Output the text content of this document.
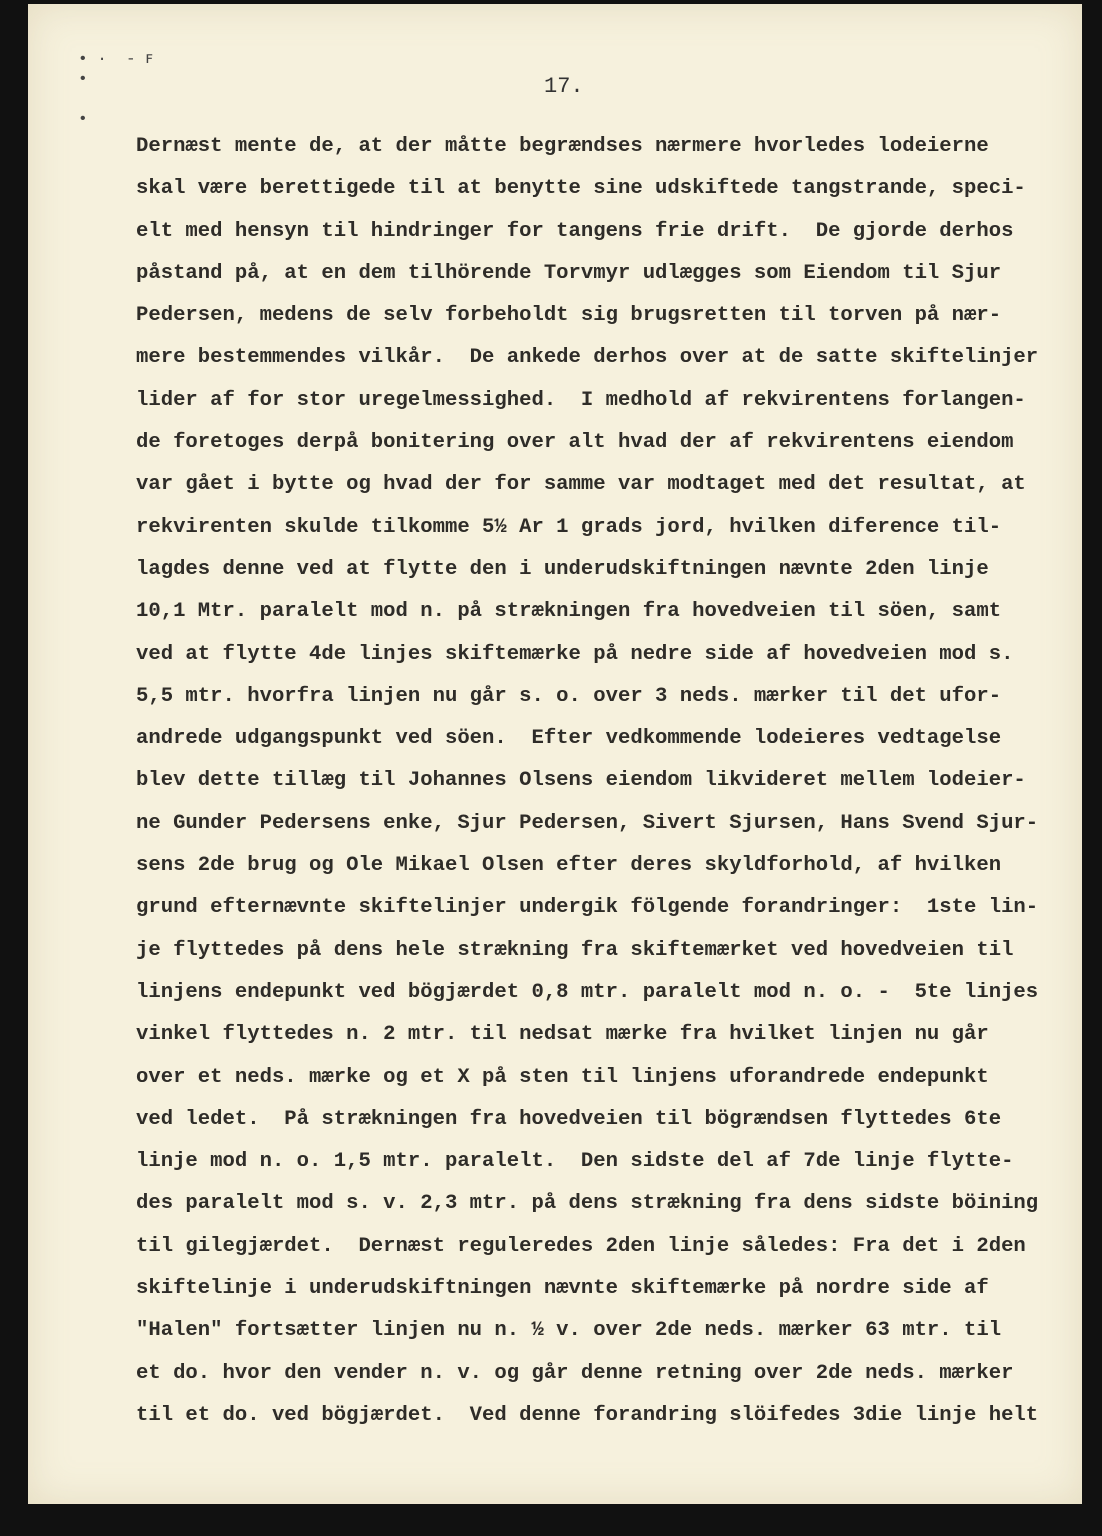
• ·  - ꜰ
•

•
17.
Dernæst mente de, at der måtte begrændses nærmere hvorledes lodeierne
skal være berettigede til at benytte sine udskiftede tangstrande, speci-
elt med hensyn til hindringer for tangens frie drift.  De gjorde derhos
påstand på, at en dem tilhörende Torvmyr udlægges som Eiendom til Sjur
Pedersen, medens de selv forbeholdt sig brugsretten til torven på nær-
mere bestemmendes vilkår.  De ankede derhos over at de satte skiftelinjer
lider af for stor uregelmessighed.  I medhold af rekvirentens forlangen-
de foretoges derpå bonitering over alt hvad der af rekvirentens eiendom
var gået i bytte og hvad der for samme var modtaget med det resultat, at
rekvirenten skulde tilkomme 5½ Ar 1 grads jord, hvilken diference til-
lagdes denne ved at flytte den i underudskiftningen nævnte 2den linje
10,1 Mtr. paralelt mod n. på strækningen fra hovedveien til söen, samt
ved at flytte 4de linjes skiftemærke på nedre side af hovedveien mod s.
5,5 mtr. hvorfra linjen nu går s. o. over 3 neds. mærker til det ufor-
andrede udgangspunkt ved söen.  Efter vedkommende lodeieres vedtagelse
blev dette tillæg til Johannes Olsens eiendom likvideret mellem lodeier-
ne Gunder Pedersens enke, Sjur Pedersen, Sivert Sjursen, Hans Svend Sjur-
sens 2de brug og Ole Mikael Olsen efter deres skyldforhold, af hvilken
grund efternævnte skiftelinjer undergik fölgende forandringer:  1ste lin-
je flyttedes på dens hele strækning fra skiftemærket ved hovedveien til
linjens endepunkt ved bögjærdet 0,8 mtr. paralelt mod n. o. -  5te linjes
vinkel flyttedes n. 2 mtr. til nedsat mærke fra hvilket linjen nu går
over et neds. mærke og et X på sten til linjens uforandrede endepunkt
ved ledet.  På strækningen fra hovedveien til bögrændsen flyttedes 6te
linje mod n. o. 1,5 mtr. paralelt.  Den sidste del af 7de linje flytte-
des paralelt mod s. v. 2,3 mtr. på dens strækning fra dens sidste böining
til gilegjærdet.  Dernæst reguleredes 2den linje således: Fra det i 2den
skiftelinje i underudskiftningen nævnte skiftemærke på nordre side af
"Halen" fortsætter linjen nu n. ½ v. over 2de neds. mærker 63 mtr. til
et do. hvor den vender n. v. og går denne retning over 2de neds. mærker
til et do. ved bögjærdet.  Ved denne forandring slöifedes 3die linje helt
